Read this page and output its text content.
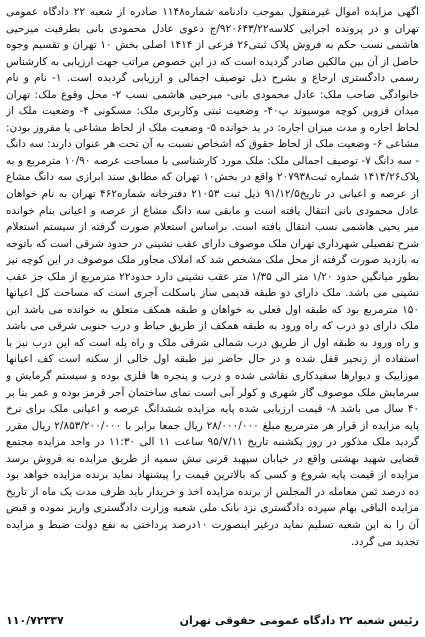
اگهی مزایده اموال غیرمنقول بموجب دادنامه شماره۱۱۴۸ صادره از شعبه ۲۲ دادگاه عمومی تهران و در پرونده اجرایی کلاسه۹۲۰۶۴۳/۲۲/ج دعوی عادل محمودی بانی بطرفیت میرحیی هاشمی نسب حکم به فروش پلاک ثبتی۲۶ فرعی از ۱۴۱۴ اصلی بخش ۱۰ تهران و تقسیم وجوه حاصل از آن بین مالکین صادر گردیده است که در این خصوص مراتب جهت ارزیابی به کارشناس رسمی دادگستری ارجاع و بشرح ذیل توصیف اجمالی و ارزیابی گردیده است. ۱- نام و نام خانوادگی صاحب ملک: عادل محمودی بانی- میرحیی هاشمی نسب ۲- محل وقوع ملک: تهران میدان قزوین کوچه موسیوند پ۴۰- وضعیت ثبتی وکاربری ملک: مسکونی ۴- وضعیت ملک از لحاظ اجاره و مدت میزان اجاره: در ید خوانده ۵- وضعیت ملک از لحاظ مشاعی یا مفروز بودن: مشاعی ۶- وضعیت ملک از لحاظ حقوق که اشخاص نسبت به آن تحت هر عنوان دارند: سه دانگ - سه دانگ ۷- توصیف اجمالی ملک: ملک مورد کارشناسی با مساحت عرصه ۱۰/۹۰ مترمربع و به پلاک۱۴۱۴/۲۶ شماره ثبت۲۰۷۹۳۸ واقع در بخش۱۰ تهران که مطابق سند ابرازی سه دانگ مشاع از عرصه و اعیانی در تاریخ۹۱/۱۲/۵ ذیل ثبت ۲۱۰۵۳ دفترخانه شماره۴۶۲ تهران به نام خواهان عادل محمودی بانی انتقال یافته است و مابقی سه دانگ مشاع از عرصه و اعیانی بنام خوانده میر یحیی هاشمی نسب انتقال یافته است. براساس استعلام صورت گرفته از سیستم استعلام شرح تفصیلی شهرداری تهران ملک موصوف دارای عقب نشینی در حدود شرقی است که باتوجه به بازدید صورت گرفته از محل ملک مشخص شد که املاک مجاور ملک موصوف در این کوچه نیز بطور میانگین حدود ۱/۲۰ متر الی ۱/۳۵ متر عقب نشینی دارد حدود۲۲ مترمربع از ملک جز عقب نشینی می باشد. ملک دارای دو طبقه قدیمی ساز باسکلت آجری است که مساحت کل اعیانها ۱۵۰ مترمربع بود که طبقه اول فعلی به خواهان و طبقه همکف متعلق به خوانده می باشد این ملک دارای دو درب که راه ورود به طبقه همکف از طریق حیاط و درب جنوبی شرقی می باشد و راه ورود به طبقه اول از طریق درب شمالی شرقی ملک و راه پله است که این درب نیز با استفاده از زنجیر قفل شده و در حال حاضر نیز طبقه اول خالی از سکنه است کف اعیانها موزاییک و دیوارها سفیدکاری نقاشی شده و درب و پنجره ها فلزی بوده و سیستم گرمایش و سرمایش ملک موصوف گاز شهری و کولر آبی است نمای ساختمان آجر قرمز بوده و عمر بنا بر ۴۰ سال می باشد ۸- قیمت ارزیابی شده پایه مزایده ششدانگ عرصه و اعیانی ملک برای نرخ پایه مزایده از قرار هر مترمربع مبلغ ۲۸/۰۰۰/۰۰۰ ریال جمعا برابر با ۲/۸۵۳/۲۰۰/۰۰۰ ریال مقرر گردید ملک مذکور در روز یکشنبه تاریخ ۹۵/۷/۱۱ ساعت ۱۱ الی ۱۱:۳۰ در واحد مزایده مجتمع قضایی شهید بهشتی واقع در خیابان سپهبد قرنی نبش سمیه از طریق مزایده به فروش برسد مزایده از قیمت پایه شروع و کسی که بالاترین قیمت را پیشنهاد نماید برنده مزایده خواهد بود ده درصد ثمن معامله در المجلس از برنده مزایده اخذ و خریدار باید ظرف مدت یک ماه از تاریخ مزایده الباقی بهام سپرده دادگستری نزد بانک ملی شعبه وزارت دادگستری واریز نموده و قبض آن را به این شعبه تسلیم نماید درغیر اینصورت ۱۰درصد پرداختی به نفع دولت ضبط و مزایده تجدید می گردد.

رئیس شعبه ۲۲ دادگاه عمومی حقوقی تهران
۱۱۰/۷۲۳۳۷
